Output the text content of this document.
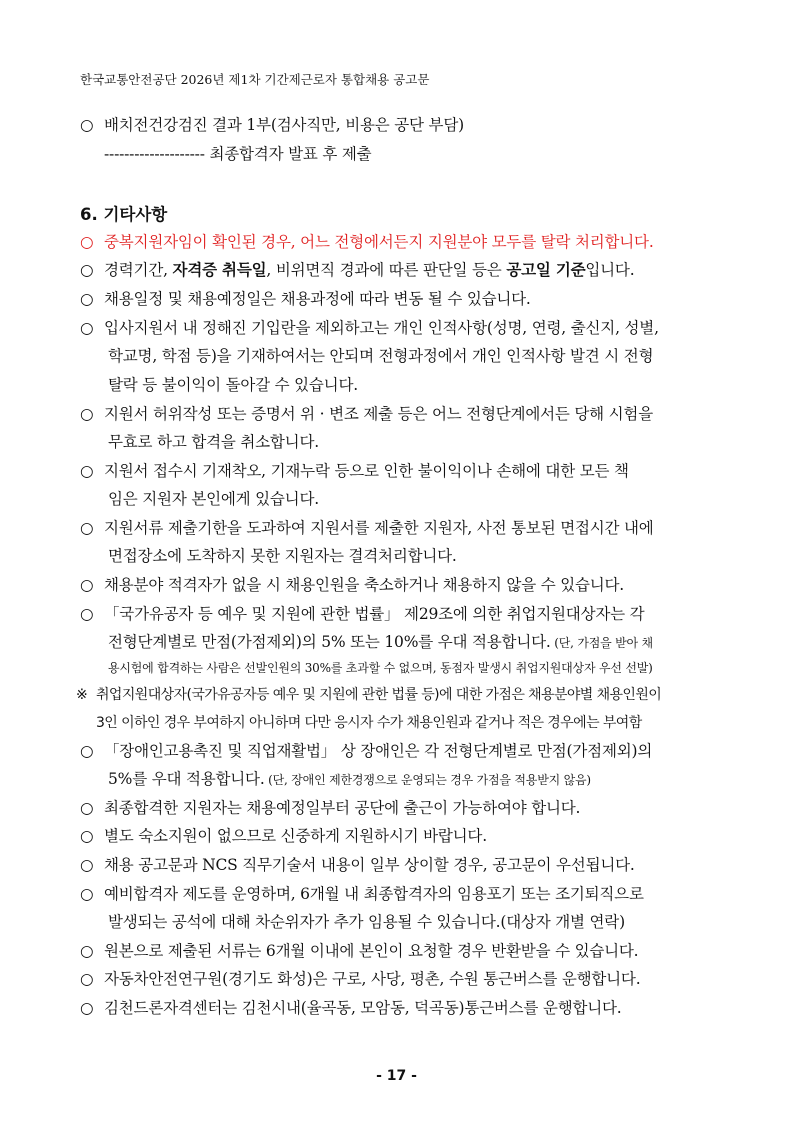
한국교통안전공단 2026년 제1차 기간제근로자 통합채용 공고문
○ 배치전건강검진 결과 1부(검사직만, 비용은 공단 부담)
-------------------- 최종합격자 발표 후 제출
6. 기타사항
○ 중복지원자임이 확인된 경우, 어느 전형에서든지 지원분야 모두를 탈락 처리합니다.
○ 경력기간, 자격증 취득일, 비위면직 경과에 따른 판단일 등은 공고일 기준입니다.
○ 채용일정 및 채용예정일은 채용과정에 따라 변동 될 수 있습니다.
○ 입사지원서 내 정해진 기입란을 제외하고는 개인 인적사항(성명, 연령, 출신지, 성별,
학교명, 학점 등)을 기재하여서는 안되며 전형과정에서 개인 인적사항 발견 시 전형
탈락 등 불이익이 돌아갈 수 있습니다.
○ 지원서 허위작성 또는 증명서 위 · 변조 제출 등은 어느 전형단계에서든 당해 시험을
무효로 하고 합격을 취소합니다.
○ 지원서 접수시 기재착오, 기재누락 등으로 인한 불이익이나 손해에 대한 모든 책
임은 지원자 본인에게 있습니다.
○ 지원서류 제출기한을 도과하여 지원서를 제출한 지원자, 사전 통보된 면접시간 내에
면접장소에 도착하지 못한 지원자는 결격처리합니다.
○ 채용분야 적격자가 없을 시 채용인원을 축소하거나 채용하지 않을 수 있습니다.
○ 「국가유공자 등 예우 및 지원에 관한 법률」 제29조에 의한 취업지원대상자는 각
전형단계별로 만점(가점제외)의 5% 또는 10%를 우대 적용합니다. (단, 가점을 받아 채
용시험에 합격하는 사람은 선발인원의 30%를 초과할 수 없으며, 동점자 발생시 취업지원대상자 우선 선발)
※ 취업지원대상자(국가유공자등 예우 및 지원에 관한 법률 등)에 대한 가점은 채용분야별 채용인원이
3인 이하인 경우 부여하지 아니하며 다만 응시자 수가 채용인원과 같거나 적은 경우에는 부여함
○ 「장애인고용촉진 및 직업재활법」 상 장애인은 각 전형단계별로 만점(가점제외)의
5%를 우대 적용합니다. (단, 장애인 제한경쟁으로 운영되는 경우 가점을 적용받지 않음)
○ 최종합격한 지원자는 채용예정일부터 공단에 출근이 가능하여야 합니다.
○ 별도 숙소지원이 없으므로 신중하게 지원하시기 바랍니다.
○ 채용 공고문과 NCS 직무기술서 내용이 일부 상이할 경우, 공고문이 우선됩니다.
○ 예비합격자 제도를 운영하며, 6개월 내 최종합격자의 임용포기 또는 조기퇴직으로
발생되는 공석에 대해 차순위자가 추가 임용될 수 있습니다.(대상자 개별 연락)
○ 원본으로 제출된 서류는 6개월 이내에 본인이 요청할 경우 반환받을 수 있습니다.
○ 자동차안전연구원(경기도 화성)은 구로, 사당, 평촌, 수원 통근버스를 운행합니다.
○ 김천드론자격센터는 김천시내(율곡동, 모암동, 덕곡동)통근버스를 운행합니다.
- 17 -
